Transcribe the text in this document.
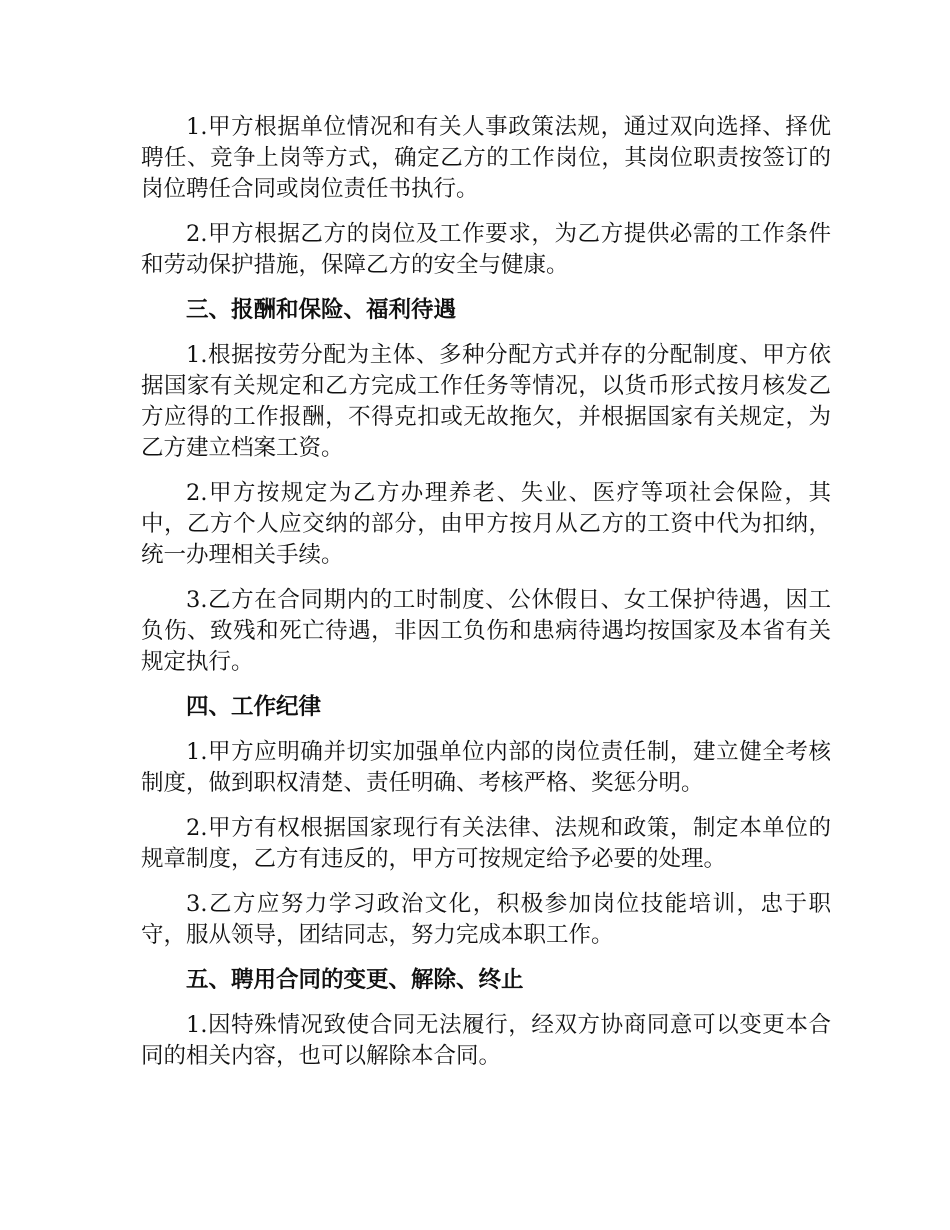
1.甲方根据单位情况和有关人事政策法规，通过双向选择、择优聘任、竞争上岗等方式，确定乙方的工作岗位，其岗位职责按签订的岗位聘任合同或岗位责任书执行。

2.甲方根据乙方的岗位及工作要求，为乙方提供必需的工作条件和劳动保护措施，保障乙方的安全与健康。

三、报酬和保险、福利待遇

1.根据按劳分配为主体、多种分配方式并存的分配制度、甲方依据国家有关规定和乙方完成工作任务等情况，以货币形式按月核发乙方应得的工作报酬，不得克扣或无故拖欠，并根据国家有关规定，为乙方建立档案工资。

2.甲方按规定为乙方办理养老、失业、医疗等项社会保险，其中，乙方个人应交纳的部分，由甲方按月从乙方的工资中代为扣纳，统一办理相关手续。

3.乙方在合同期内的工时制度、公休假日、女工保护待遇，因工负伤、致残和死亡待遇，非因工负伤和患病待遇均按国家及本省有关规定执行。

四、工作纪律

1.甲方应明确并切实加强单位内部的岗位责任制，建立健全考核制度，做到职权清楚、责任明确、考核严格、奖惩分明。

2.甲方有权根据国家现行有关法律、法规和政策，制定本单位的规章制度，乙方有违反的，甲方可按规定给予必要的处理。

3.乙方应努力学习政治文化，积极参加岗位技能培训，忠于职守，服从领导，团结同志，努力完成本职工作。

五、聘用合同的变更、解除、终止

1.因特殊情况致使合同无法履行，经双方协商同意可以变更本合同的相关内容，也可以解除本合同。
